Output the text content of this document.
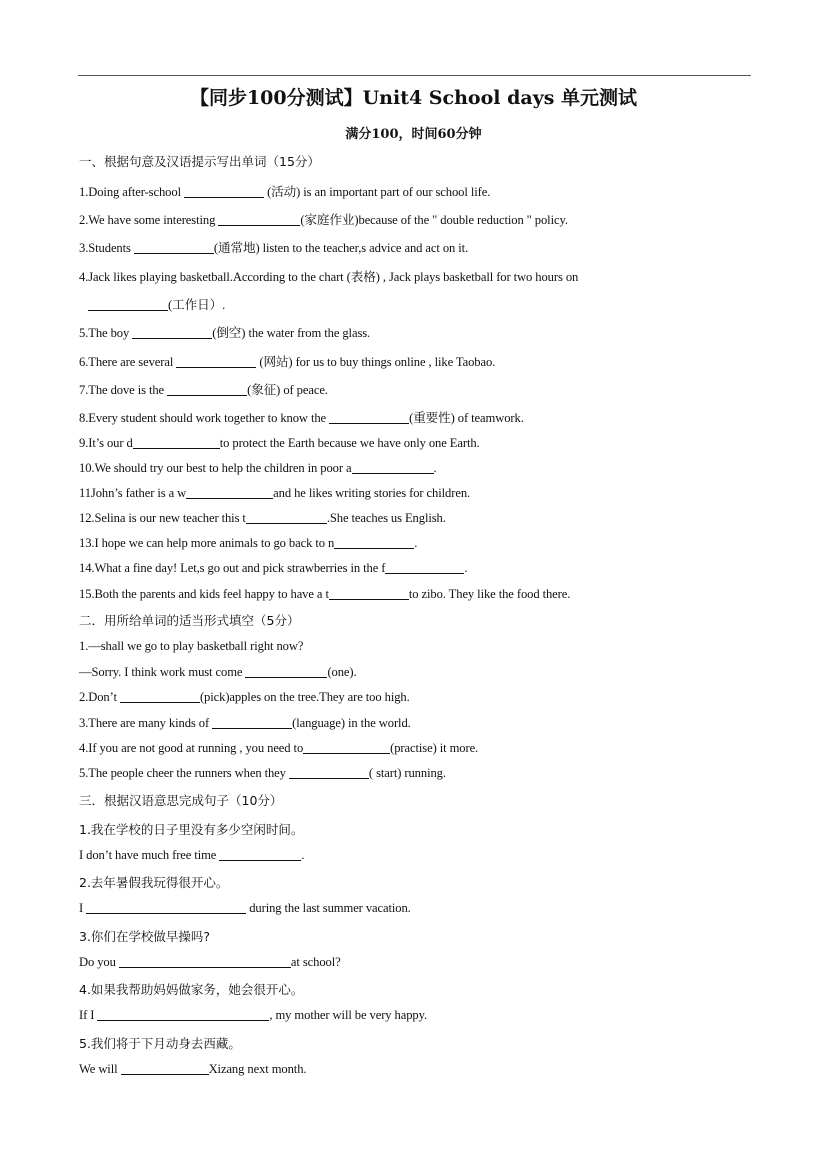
【同步100分测试】Unit4 School days 单元测试
满分100，时间60分钟
一、根据句意及汉语提示写出单词（15分）
1.Doing after-school	(活动) is an important part of our school life.
2.We have some interesting	(家庭作业)because of the " double reduction " policy.
3.Students	(通常地) listen to the teacher,s advice and act on it.
4.Jack likes playing basketball.According to the chart (表格) , Jack plays basketball for two hours on
(工作日）.
5.The boy	(倒空) the water from the glass.
6.There are several	(网站) for us to buy things online , like Taobao.
7.The dove is the	(象征) of peace.
8.Every student should work together to know the	(重要性) of teamwork.
9.It’s our d	to protect the Earth because we have only one Earth.
10.We should try our best to help the children in poor a	.
11John’s father is a w	and he likes writing stories for children.
12.Selina is our new teacher this t	.She teaches us English.
13.I hope we can help more animals to go back to n	.
14.What a fine day! Let,s go out and pick strawberries in the f	.
15.Both the parents and kids feel happy to have a t	to zibo. They like the food there.
二．用所给单词的适当形式填空（5分）
1.—shall we go to play basketball right now?
—Sorry. I think work must come	(one).
2.Don’t	(pick)apples on the tree.They are too high.
3.There are many kinds of	(language) in the world.
4.If you are not good at running , you need to	(practise) it more.
5.The people cheer the runners when they	( start) running.
三．根据汉语意思完成句子（10分）
1.我在学校的日子里没有多少空闲时间。
I don’t have much free time	.
2.去年暑假我玩得很开心。
I	during the last summer vacation.
3.你们在学校做早操吗?
Do you	at school?
4.如果我帮助妈妈做家务，她会很开心。
If I	, my mother will be very happy.
5.我们将于下月动身去西藏。
We will	Xizang next month.
